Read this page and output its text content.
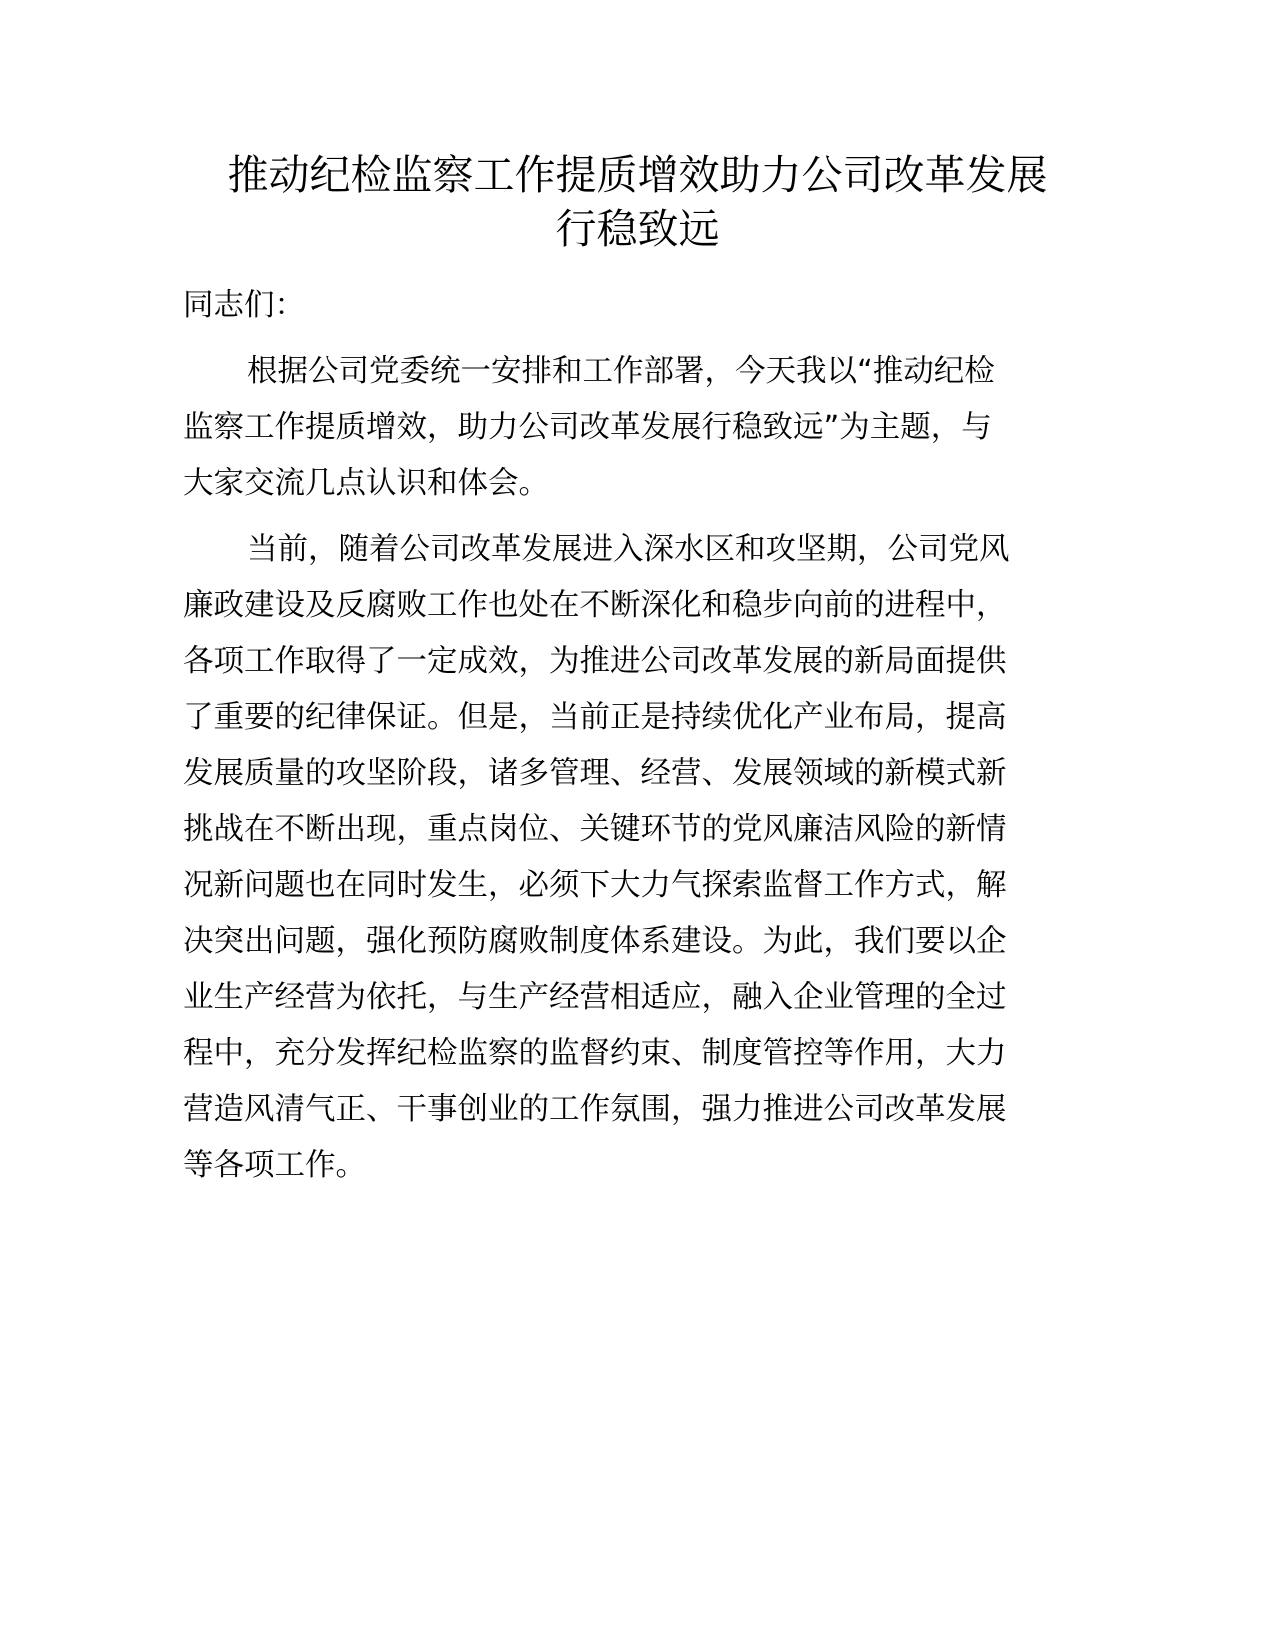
推动纪检监察工作提质增效助力公司改革发展
行稳致远
同志们：
根据公司党委统一安排和工作部署，今天我以“推动纪检
监察工作提质增效，助力公司改革发展行稳致远”为主题，与
大家交流几点认识和体会。
当前，随着公司改革发展进入深水区和攻坚期，公司党风
廉政建设及反腐败工作也处在不断深化和稳步向前的进程中，
各项工作取得了一定成效，为推进公司改革发展的新局面提供
了重要的纪律保证。但是，当前正是持续优化产业布局，提高
发展质量的攻坚阶段，诸多管理、经营、发展领域的新模式新
挑战在不断出现，重点岗位、关键环节的党风廉洁风险的新情
况新问题也在同时发生，必须下大力气探索监督工作方式，解
决突出问题，强化预防腐败制度体系建设。为此，我们要以企
业生产经营为依托，与生产经营相适应，融入企业管理的全过
程中，充分发挥纪检监察的监督约束、制度管控等作用，大力
营造风清气正、干事创业的工作氛围，强力推进公司改革发展
等各项工作。
